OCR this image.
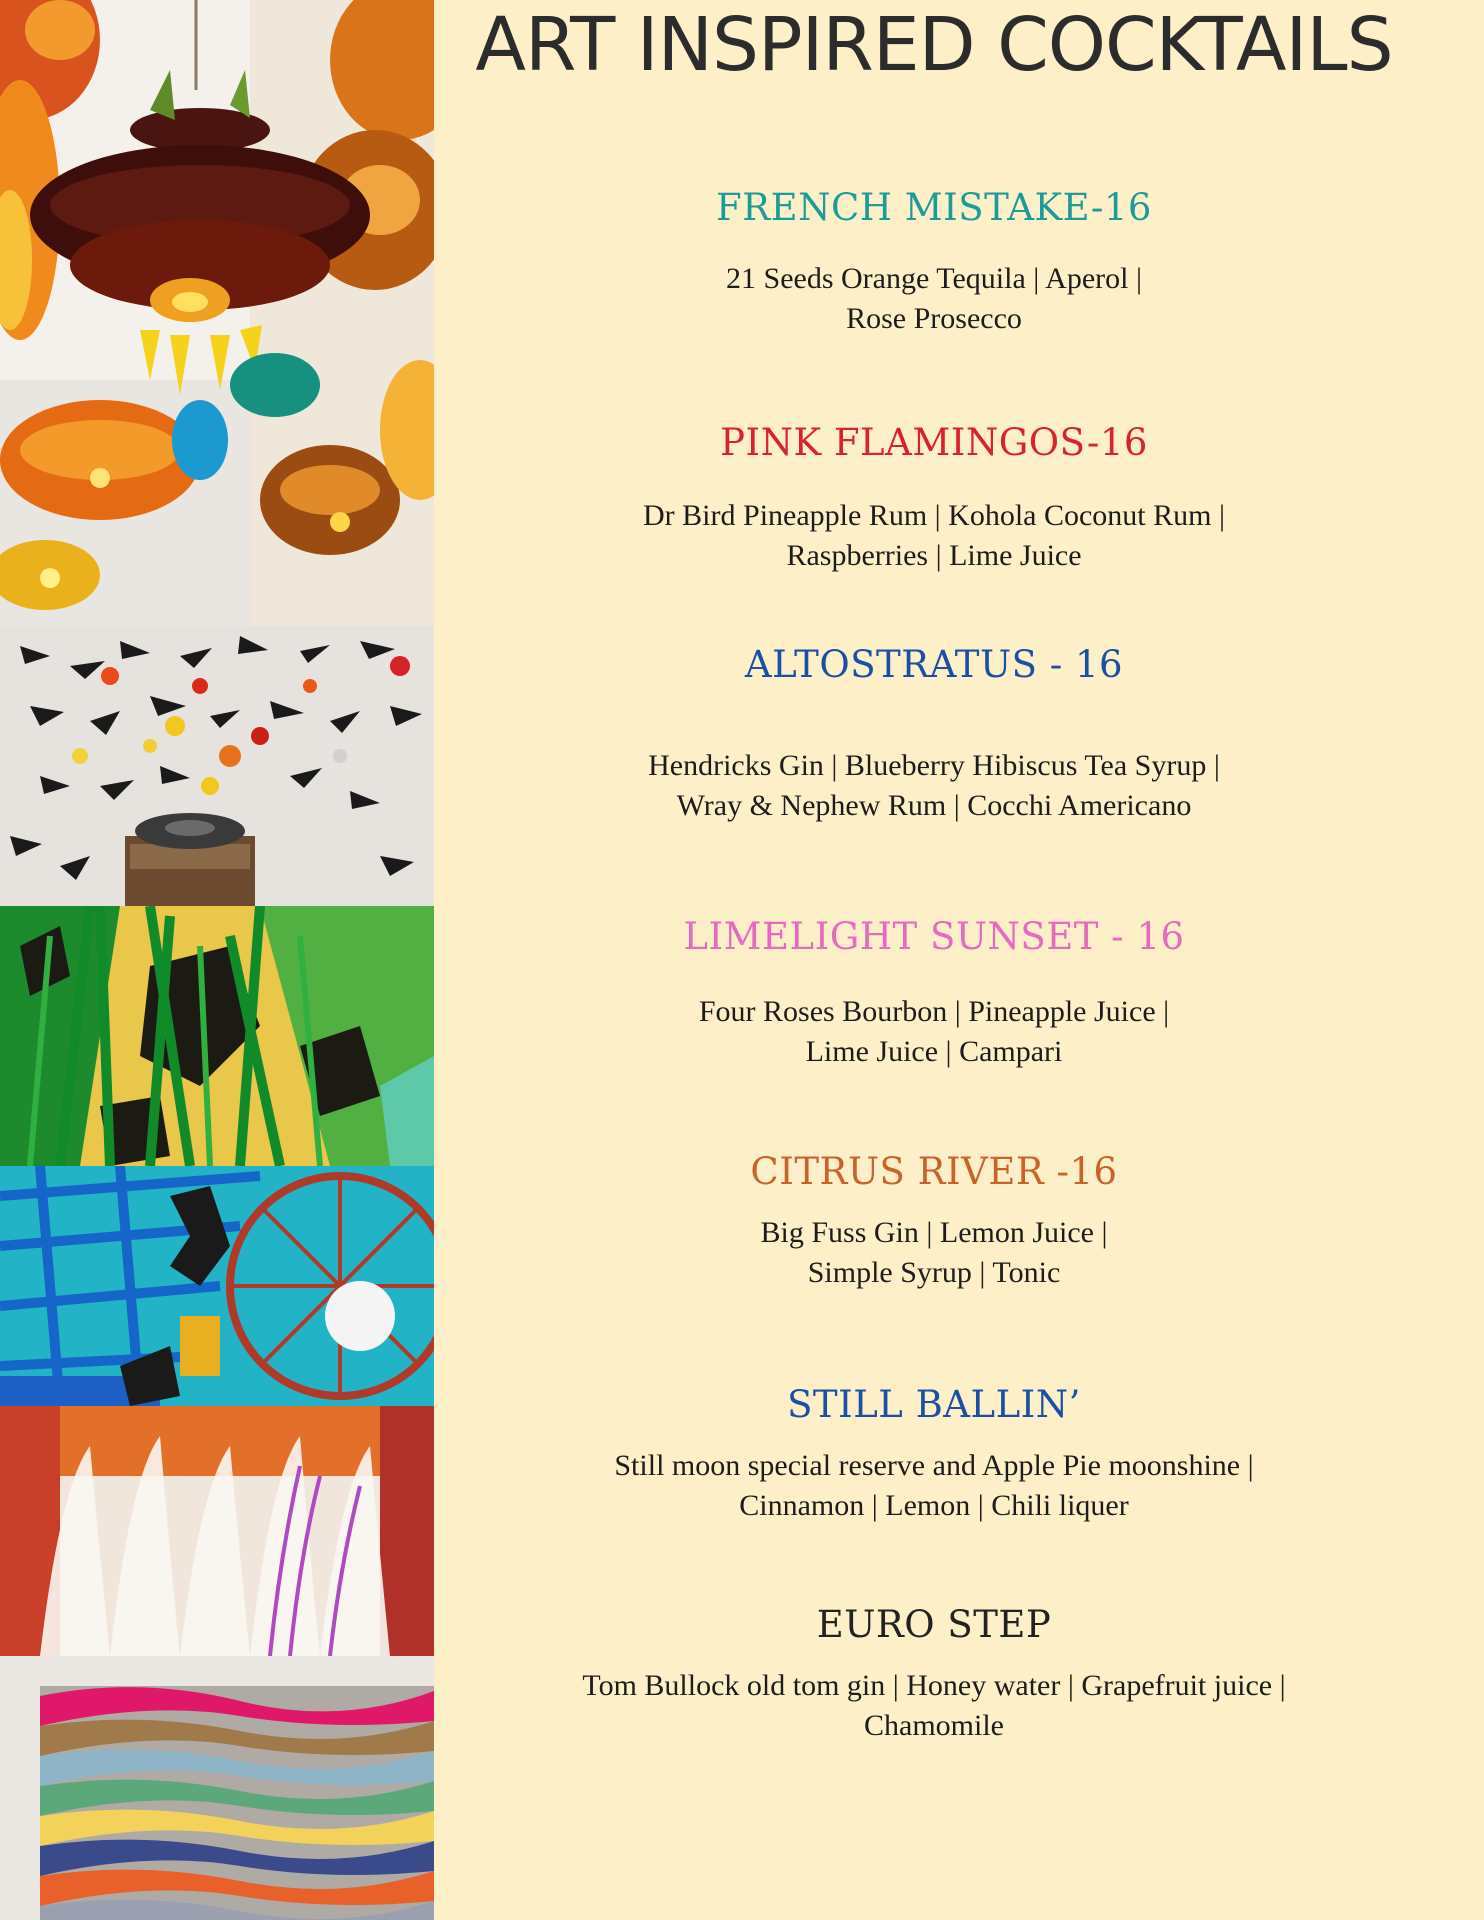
ART INSPIRED COCKTAILS
FRENCH MISTAKE-16
21 Seeds Orange Tequila | Aperol |
Rose Prosecco
PINK FLAMINGOS-16
Dr Bird Pineapple Rum | Kohola Coconut Rum |
Raspberries | Lime Juice
ALTOSTRATUS - 16
Hendricks Gin | Blueberry Hibiscus Tea Syrup |
Wray & Nephew Rum | Cocchi Americano
LIMELIGHT SUNSET - 16
Four Roses Bourbon | Pineapple Juice |
Lime Juice | Campari
CITRUS RIVER -16
Big Fuss Gin | Lemon Juice |
Simple Syrup | Tonic
STILL BALLIN’
Still moon special reserve and Apple Pie moonshine |
Cinnamon | Lemon | Chili liquer
EURO STEP
Tom Bullock old tom gin | Honey water | Grapefruit juice |
Chamomile
